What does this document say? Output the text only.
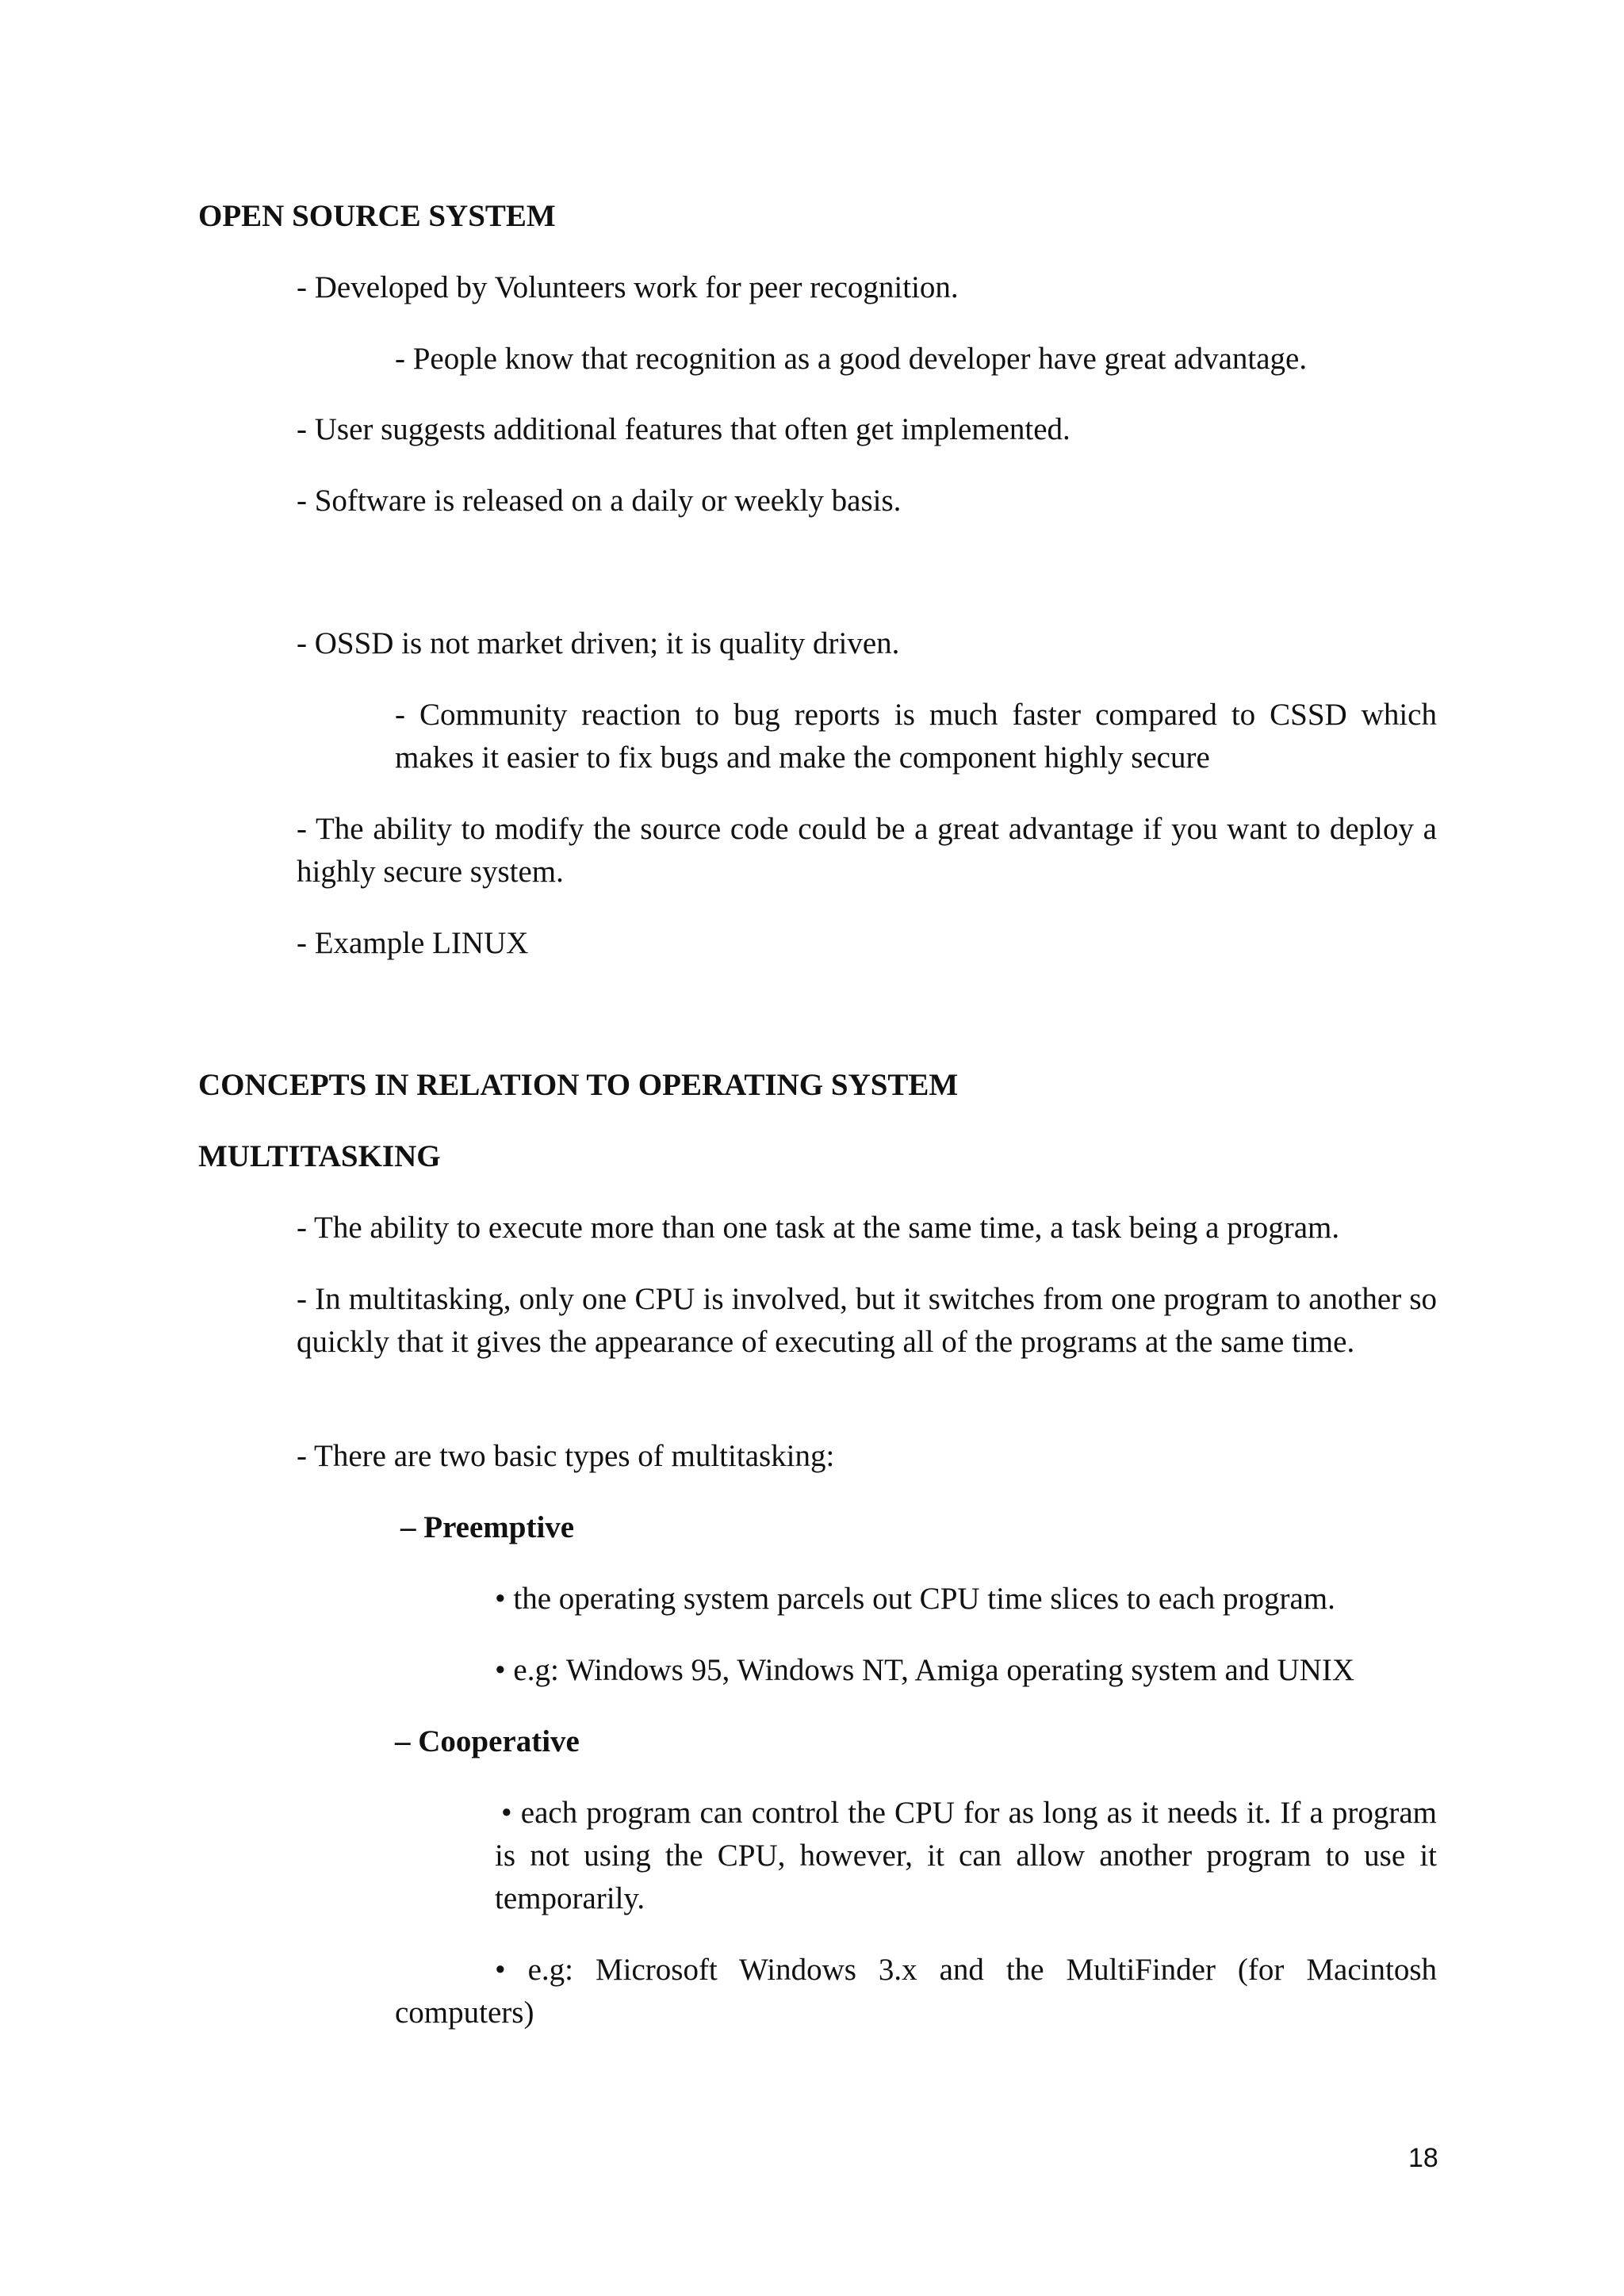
OPEN SOURCE SYSTEM
- Developed by Volunteers work for peer recognition.
- People know that recognition as a good developer have great advantage.
- User suggests additional features that often get implemented.
- Software is released on a daily or weekly basis.
- OSSD is not market driven; it is quality driven.
- Community reaction to bug reports is much faster compared to CSSD which makes it easier to fix bugs and make the component highly secure
- The ability to modify the source code could be a great advantage if you want to deploy a highly secure system.
- Example LINUX
CONCEPTS IN RELATION TO OPERATING SYSTEM
MULTITASKING
- The ability to execute more than one task at the same time, a task being a program.
- In multitasking, only one CPU is involved, but it switches from one program to another so quickly that it gives the appearance of executing all of the programs at the same time.
- There are two basic types of multitasking:
– Preemptive
• the operating system parcels out CPU time slices to each program.
• e.g: Windows 95, Windows NT, Amiga operating system and UNIX
– Cooperative
• each program can control the CPU for as long as it needs it. If a program is not using the CPU, however, it can allow another program to use it temporarily.
• e.g: Microsoft Windows 3.x and the MultiFinder (for Macintosh computers)
18
